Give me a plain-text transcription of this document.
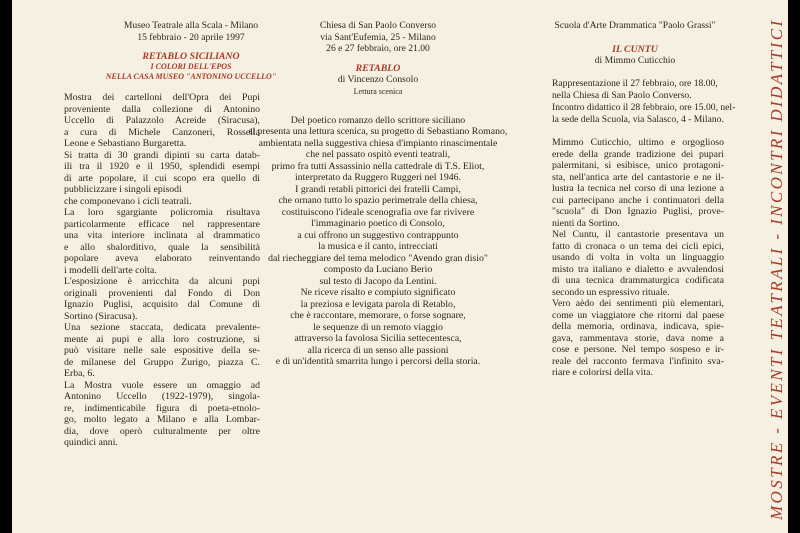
Museo Teatrale alla Scala - Milano
15 febbraio - 20 aprile 1997
RETABLO SICILIANO
I COLORI DELL'EPOS
NELLA CASA MUSEO "ANTONINO UCCELLO"
Mostra dei cartelloni dell'Opra dei Pupi
proveniente dalla collezione di Antonino
Uccello di Palazzolo Acreide (Siracusa),
a cura di Michele Canzoneri, Rossella
Leone e Sebastiano Burgaretta.
Si tratta di 30 grandi dipinti su carta datab-
ili tra il 1920 e il 1950, splendidi esempi
di arte popolare, il cui scopo era quello di
pubblicizzare i singoli episodi
che componevano i cicli teatrali.
La loro sgargiante policromia risultava
particolarmente efficace nel rappresentare
una vita interiore inclinata al drammatico
e allo sbalorditivo, quale la sensibilità
popolare aveva elaborato reinventando
i modelli dell'arte colta.
L'esposizione è arricchita da alcuni pupi
originali provenienti dal Fondo di Don
Ignazio Puglisi, acquisito dal Comune di
Sortino (Siracusa).
Una sezione staccata, dedicata prevalente-
mente ai pupi e alla loro costruzione, si
può visitare nelle sale espositive della se-
de milanese del Gruppo Zurigo, piazza C.
Erba, 6.
La Mostra vuole essere un omaggio ad
Antonino Uccello (1922-1979), singola-
re, indimenticabile figura di poeta-etnolo-
go, molto legato a Milano e alla Lombar-
dia, dove operò culturalmente per oltre
quindici anni.
Chiesa di San Paolo Converso
via Sant'Eufemia, 25 - Milano
26 e 27 febbraio, ore 21.00
RETABLO
di Vincenzo Consolo
Lettura scenica
Del poetico romanzo dello scrittore siciliano
si presenta una lettura scenica, su progetto di Sebastiano Romano,
ambientata nella suggestiva chiesa d'impianto rinascimentale
che nel passato ospitò eventi teatrali,
primo fra tutti Assassinio nella cattedrale di T.S. Eliot,
interpretato da Ruggero Ruggeri nel 1946.
I grandi retabli pittorici dei fratelli Campi,
che ornano tutto lo spazio perimetrale della chiesa,
costituiscono l'ideale scenografia ove far rivivere
l'immaginario poetico di Consolo,
a cui offrono un suggestivo contrappunto
la musica e il canto, intrecciati
dal riecheggiare del tema melodico "Avendo gran disio"
composto da Luciano Berio
sul testo di Jacopo da Lentini.
Ne riceve risalto e compiuto significato
la preziosa e levigata parola di Retablo,
che è raccontare, memorare, o forse sognare,
le sequenze di un remoto viaggio
attraverso la favolosa Sicilia settecentesca,
alla ricerca di un senso alle passioni
e di un'identità smarrita lungo i percorsi della storia.
Scuola d'Arte Drammatica "Paolo Grassi"
IL CUNTU
di Mimmo Cuticchio
Rappresentazione il 27 febbraio, ore 18.00,
nella Chiesa di San Paolo Converso.
Incontro didattico il 28 febbraio, ore 15.00, nel-
la sede della Scuola, via Salasco, 4 - Milano.
Mimmo Cuticchio, ultimo e orgoglioso
erede della grande tradizione dei pupari
palermitani, si esibisce, unico protagoni-
sta, nell'antica arte del cantastorie e ne il-
lustra la tecnica nel corso di una lezione a
cui partecipano anche i continuatori della
"scuola" di Don Ignazio Puglisi, prove-
nienti da Sortino.
Nel Cuntu, il cantastorie presentava un
fatto di cronaca o un tema dei cicli epici,
usando di volta in volta un linguaggio
misto tra italiano e dialetto e avvalendosi
di una tecnica drammaturgica codificata
secondo un espressivo rituale.
Vero aèdo dei sentimenti più elementari,
come un viaggiatore che ritorni dal paese
della memoria, ordinava, indicava, spie-
gava, rammentava storie, dava nome a
cose e persone. Nel tempo sospeso e ir-
reale del racconto fermava l'infinito sva-
riare e colorirsi della vita.	MOSTRE - EVENTI TEATRALI - INCONTRI DIDATTICI
